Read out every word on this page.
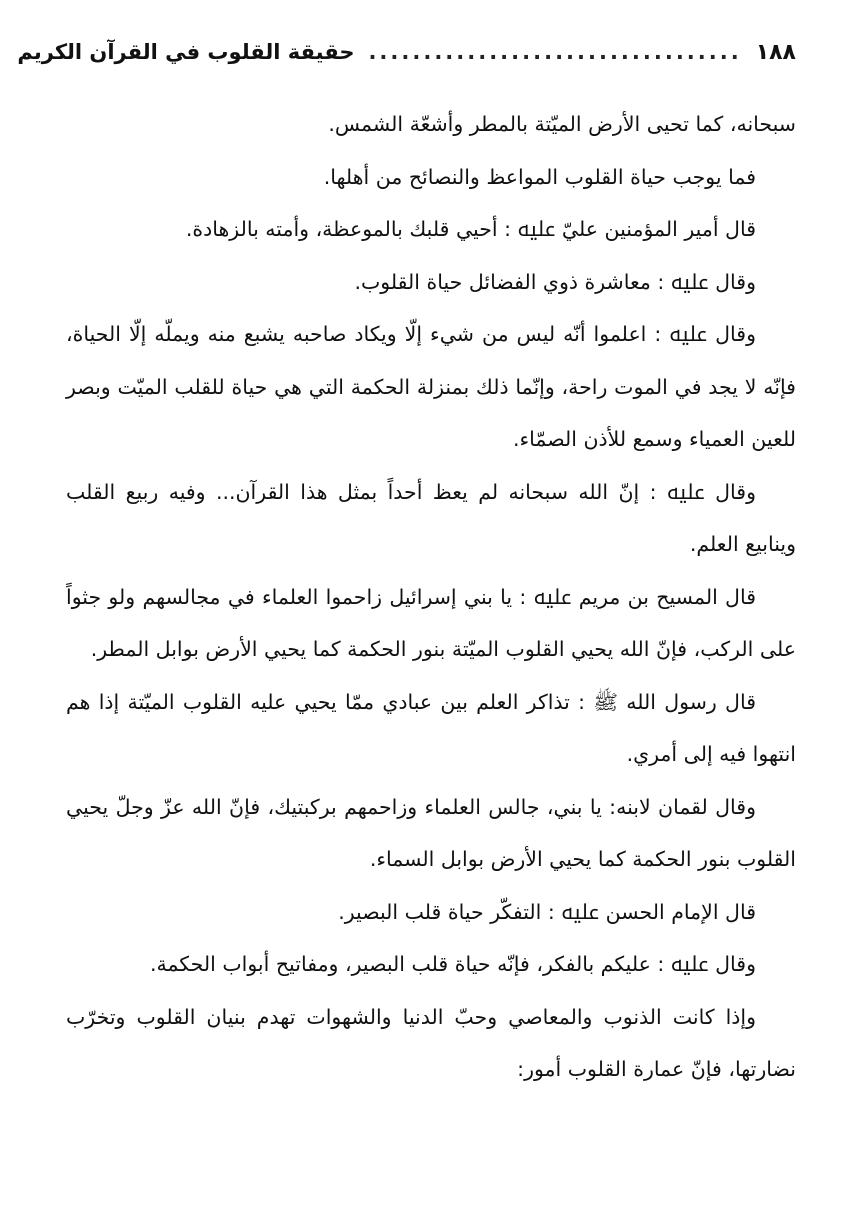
١٨٨
..................................
حقيقة القلوب في القرآن الكريم

سبحانه، كما تحيى الأرض الميّتة بالمطر وأشعّة الشمس.

فما يوجب حياة القلوب المواعظ والنصائح من أهلها.

قال أمير المؤمنين عليّ ﷷ : أحيي قلبك بالموعظة، وأمته بالزهادة.

وقال ﷷ : معاشرة ذوي الفضائل حياة القلوب.

وقال ﷷ : اعلموا أنّه ليس من شيء إلّا ويكاد صاحبه يشبع منه ويملّه إلّا الحياة، فإنّه لا يجد في الموت راحة، وإنّما ذلك بمنزلة الحكمة التي هي حياة للقلب الميّت وبصر للعين العمياء وسمع للأذن الصمّاء.

وقال ﷷ : إنّ الله سبحانه لم يعظ أحداً بمثل هذا القرآن... وفيه ربيع القلب وينابيع العلم.

قال المسيح بن مريم ﷷ : يا بني إسرائيل زاحموا العلماء في مجالسهم ولو جثواً على الركب، فإنّ الله يحيي القلوب الميّتة بنور الحكمة كما يحيي الأرض بوابل المطر.

قال رسول الله ﷺ : تذاكر العلم بين عبادي ممّا يحيي عليه القلوب الميّتة إذا هم انتهوا فيه إلى أمري.

وقال لقمان لابنه: يا بني، جالس العلماء وزاحمهم بركبتيك، فإنّ الله عزّ وجلّ يحيي القلوب بنور الحكمة كما يحيي الأرض بوابل السماء.

قال الإمام الحسن ﷷ : التفكّر حياة قلب البصير.

وقال ﷷ : عليكم بالفكر، فإنّه حياة قلب البصير، ومفاتيح أبواب الحكمة.

وإذا كانت الذنوب والمعاصي وحبّ الدنيا والشهوات تهدم بنيان القلوب وتخرّب نضارتها، فإنّ عمارة القلوب أمور:
